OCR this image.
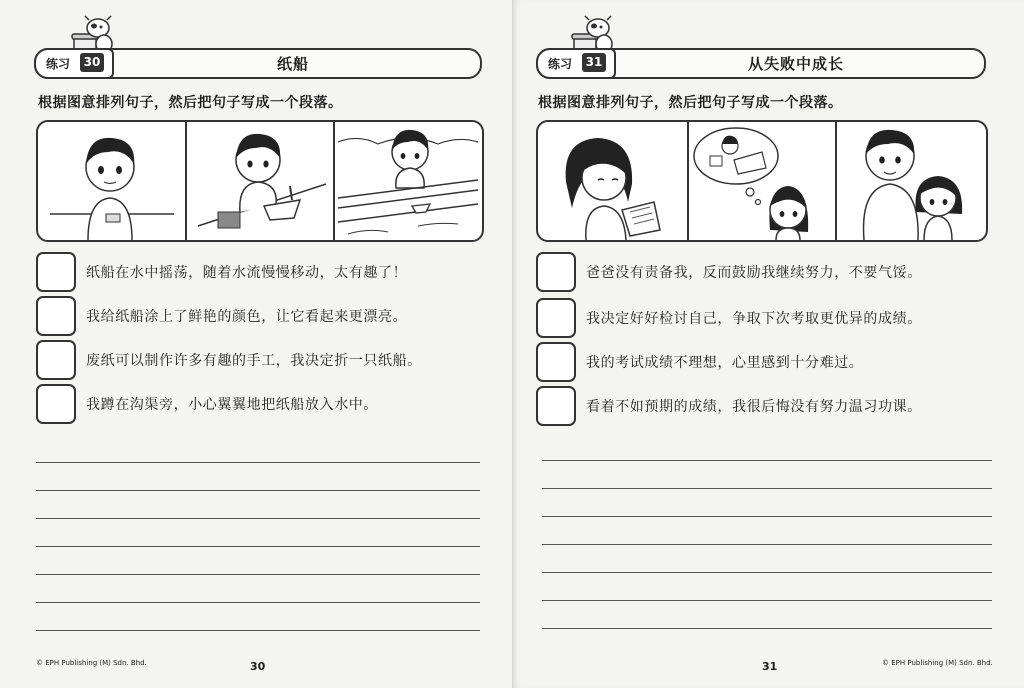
练习	30	纸船
根据图意排列句子，然后把句子写成一个段落。
纸船在水中摇荡，随着水流慢慢移动，太有趣了！
我给纸船涂上了鲜艳的颜色，让它看起来更漂亮。
废纸可以制作许多有趣的手工，我决定折一只纸船。
我蹲在沟渠旁，小心翼翼地把纸船放入水中。
© EPH Publishing (M) Sdn. Bhd.	30
练习	31	从失败中成长
根据图意排列句子，然后把句子写成一个段落。
爸爸没有责备我，反而鼓励我继续努力，不要气馁。
我决定好好检讨自己，争取下次考取更优异的成绩。
我的考试成绩不理想，心里感到十分难过。
看着不如预期的成绩，我很后悔没有努力温习功课。
31	© EPH Publishing (M) Sdn. Bhd.
